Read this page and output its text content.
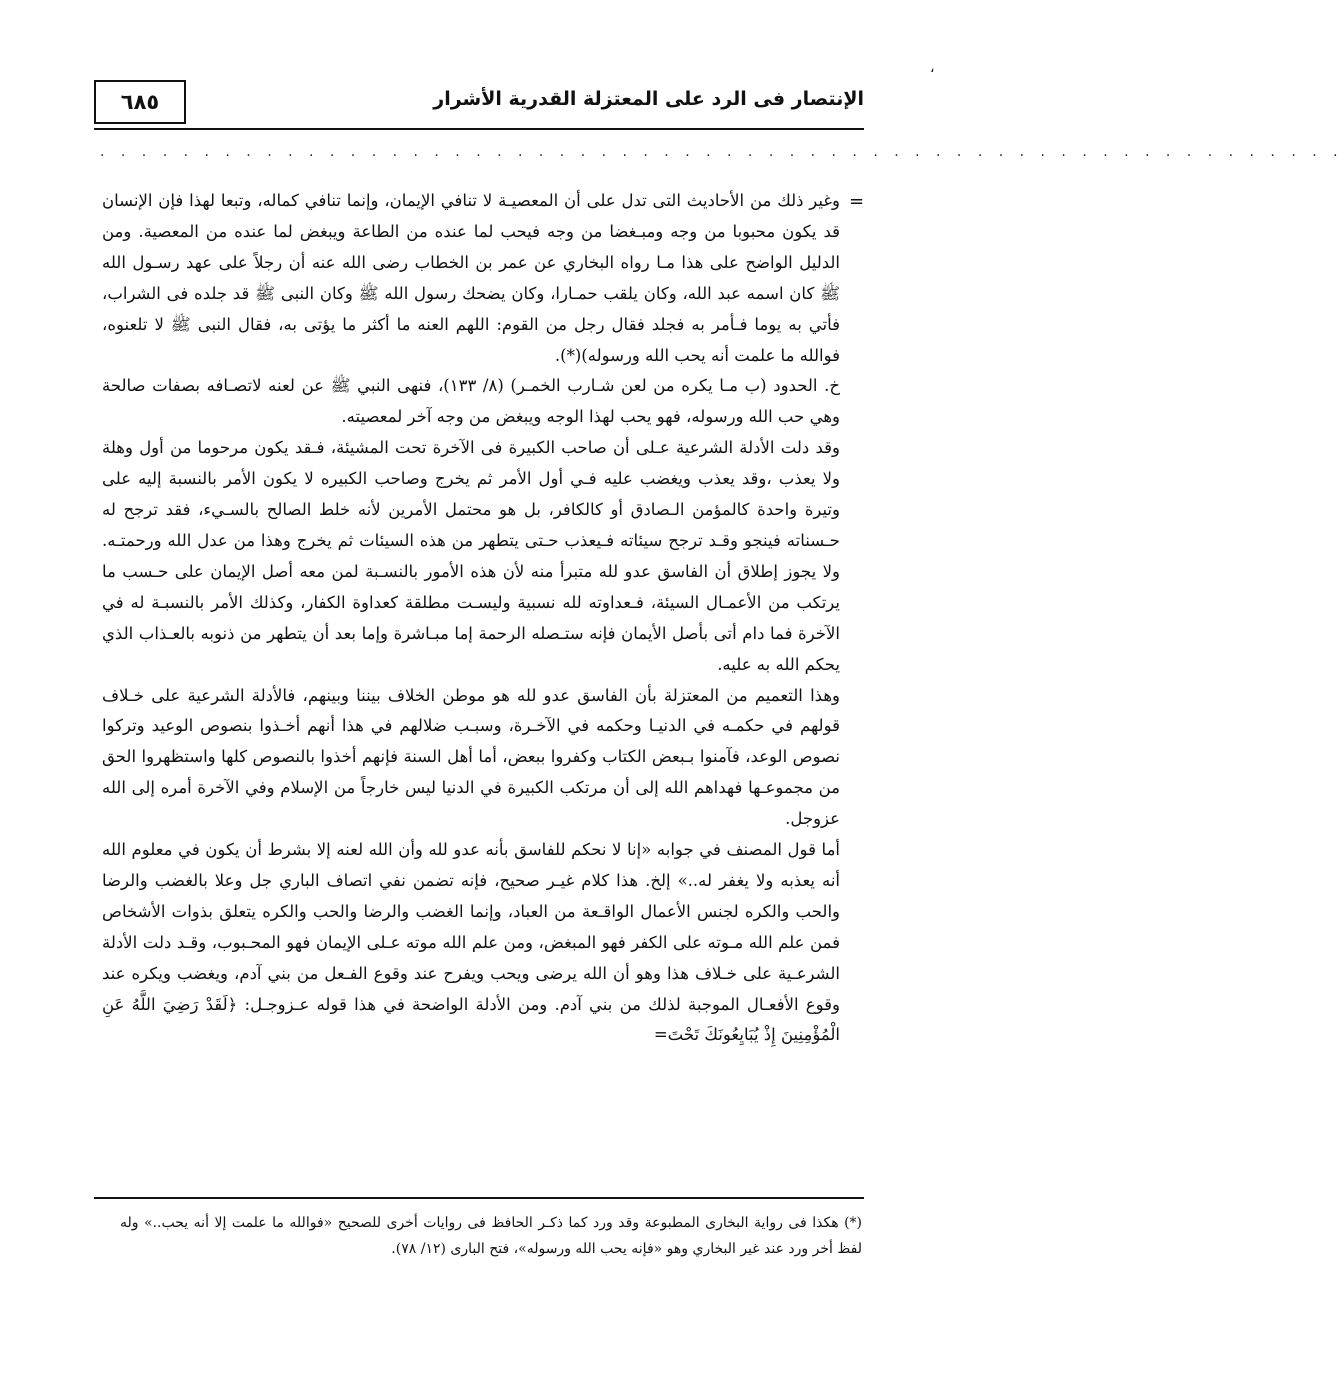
،
٦٨٥	الإنتصار فى الرد على المعتزلة القدرية الأشرار
. . . . . . . . . . . . . . . . . . . . . . . . . . . . . . . . . . . . . . . . . . . . . . . . . . . . . . . . . . . .
=

وغير ذلك من الأحاديث التى تدل على أن المعصيـة لا تنافي الإيمان، وإنما تنافي كماله، وتبعا لهذا فإن الإنسان قد يكون محبوبا من وجه ومبـغضا من وجه فيحب لما عنده من الطاعة ويبغض لما عنده من المعصية. ومن الدليل الواضح على هذا مـا رواه البخاري عن عمر بن الخطاب رضى الله عنه أن رجلاً على عهد رسـول الله ﷺ كان اسمه عبد الله، وكان يلقب حمـارا، وكان يضحك رسول الله ﷺ وكان النبى ﷺ قد جلده فى الشراب، فأتي به يوما فـأمر به فجلد فقال رجل من القوم: اللهم العنه ما أكثر ما يؤتى به، فقال النبى ﷺ لا تلعنوه، فوالله ما علمت أنه يحب الله ورسوله)(*).

خ. الحدود (ب مـا يكره من لعن شـارب الخمـر) (٨/ ١٣٣)، فنهى النبي ﷺ عن لعنه لاتصـافه بصفات صالحة وهي حب الله ورسوله، فهو يحب لهذا الوجه ويبغض من وجه آخر لمعصيته.

وقد دلت الأدلة الشرعية عـلى أن صاحب الكبيرة فى الآخرة تحت المشيئة، فـقد يكون مرحوما من أول وهلة ولا يعذب ،وقد يعذب ويغضب عليه فـي أول الأمر ثم يخرج وصاحب الكبيره لا يكون الأمر بالنسبة إليه على وتيرة واحدة كالمؤمن الـصادق أو كالكافر، بل هو محتمل الأمرين لأنه خلط الصالح بالسـيء، فقد ترجح له حـسناته فينجو وقـد ترجح سيئاته فـيعذب حـتى يتطهر من هذه السيئات ثم يخرج وهذا من عدل الله ورحمتـه. ولا يجوز إطلاق أن الفاسق عدو لله متبرأ منه لأن هذه الأمور بالنسـبة لمن معه أصل الإيمان على حـسب ما يرتكب من الأعمـال السيئة، فـعداوته لله نسبية وليسـت مطلقة كعداوة الكفار، وكذلك الأمر بالنسبـة له في الآخرة فما دام أتى بأصل الأيمان فإنه ستـصله الرحمة إما مبـاشرة وإما بعد أن يتطهر من ذنوبه بالعـذاب الذي يحكم الله به عليه.

وهذا التعميم من المعتزلة بأن الفاسق عدو لله هو موطن الخلاف بيننا وبينهم، فالأدلة الشرعية على خـلاف قولهم في حكمـه في الدنيـا وحكمه في الآخـرة، وسبـب ضلالهم في هذا أنهم أخـذوا بنصوص الوعيد وتركوا نصوص الوعد، فآمنوا بـبعض الكتاب وكفروا ببعض، أما أهل السنة فإنهم أخذوا بالنصوص كلها واستظهروا الحق من مجموعـها فهداهم الله إلى أن مرتكب الكبيرة في الدنيا ليس خارجاً من الإسلام وفي الآخرة أمره إلى الله عزوجل.

أما قول المصنف في جوابه «إنا لا نحكم للفاسق بأنه عدو لله وأن الله لعنه إلا بشرط أن يكون في معلوم الله أنه يعذبه ولا يغفر له..» إلخ. هذا كلام غيـر صحيح، فإنه تضمن نفي اتصاف الباري جل وعلا بالغضب والرضا والحب والكره لجنس الأعمال الواقـعة من العباد، وإنما الغضب والرضا والحب والكره يتعلق بذوات الأشخاص فمن علم الله مـوته على الكفر فهو المبغض، ومن علم الله موته عـلى الإيمان فهو المحـبوب، وقـد دلت الأدلة الشرعـية على خـلاف هذا وهو أن الله يرضى ويحب ويفرح عند وقوع الفـعل من بني آدم، ويغضب ويكره عند وقوع الأفعـال الموجبة لذلك من بني آدم. ومن الأدلة الواضحة في هذا قوله عـزوجـل: ﴿لَقَدْ رَضِيَ اللَّهُ عَنِ الْمُؤْمِنِينَ إِذْ يُبَايِعُونَكَ تَحْتَ=

(*) هكذا فى رواية البخارى المطبوعة وقد ورد كما ذكـر الحافظ فى روايات أخرى للصحيح «فوالله ما علمت إلا أنه يحب..» وله لفظ أخر ورد عند غير البخاري وهو «فإنه يحب الله ورسوله»، فتح البارى (١٢/ ٧٨).
